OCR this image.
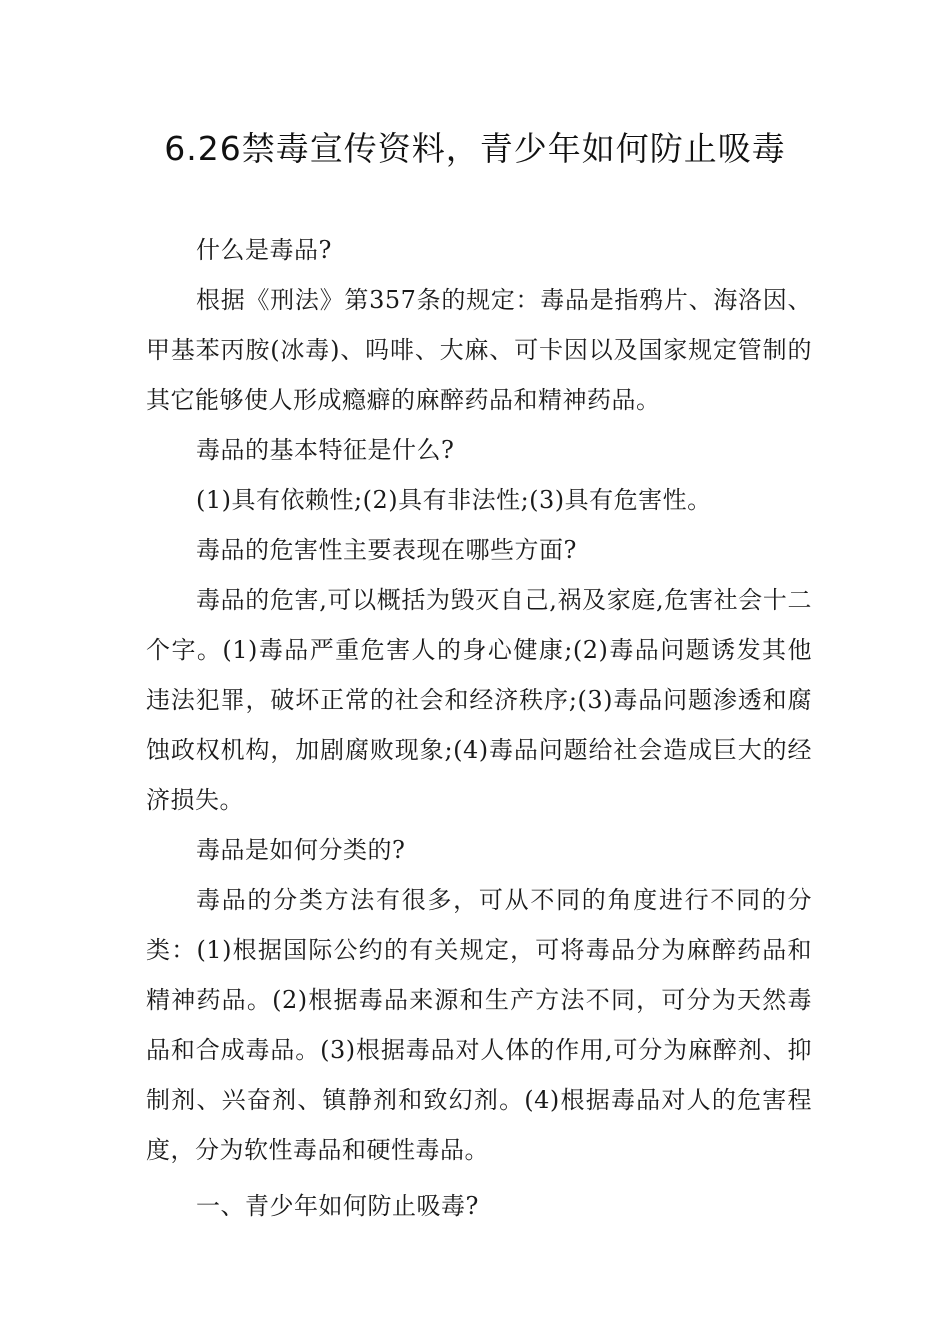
6.26禁毒宣传资料，青少年如何防止吸毒

什么是毒品?

根据《刑法》第357条的规定：毒品是指鸦片、海洛因、甲基苯丙胺(冰毒)、吗啡、大麻、可卡因以及国家规定管制的其它能够使人形成瘾癖的麻醉药品和精神药品。

毒品的基本特征是什么?

(1)具有依赖性;(2)具有非法性;(3)具有危害性。

毒品的危害性主要表现在哪些方面?

毒品的危害,可以概括为毁灭自己,祸及家庭,危害社会十二个字。(1)毒品严重危害人的身心健康;(2)毒品问题诱发其他违法犯罪，破坏正常的社会和经济秩序;(3)毒品问题渗透和腐蚀政权机构，加剧腐败现象;(4)毒品问题给社会造成巨大的经济损失。

毒品是如何分类的?

毒品的分类方法有很多，可从不同的角度进行不同的分类：(1)根据国际公约的有关规定，可将毒品分为麻醉药品和精神药品。(2)根据毒品来源和生产方法不同，可分为天然毒品和合成毒品。(3)根据毒品对人体的作用,可分为麻醉剂、抑制剂、兴奋剂、镇静剂和致幻剂。(4)根据毒品对人的危害程度，分为软性毒品和硬性毒品。

一、青少年如何防止吸毒?
